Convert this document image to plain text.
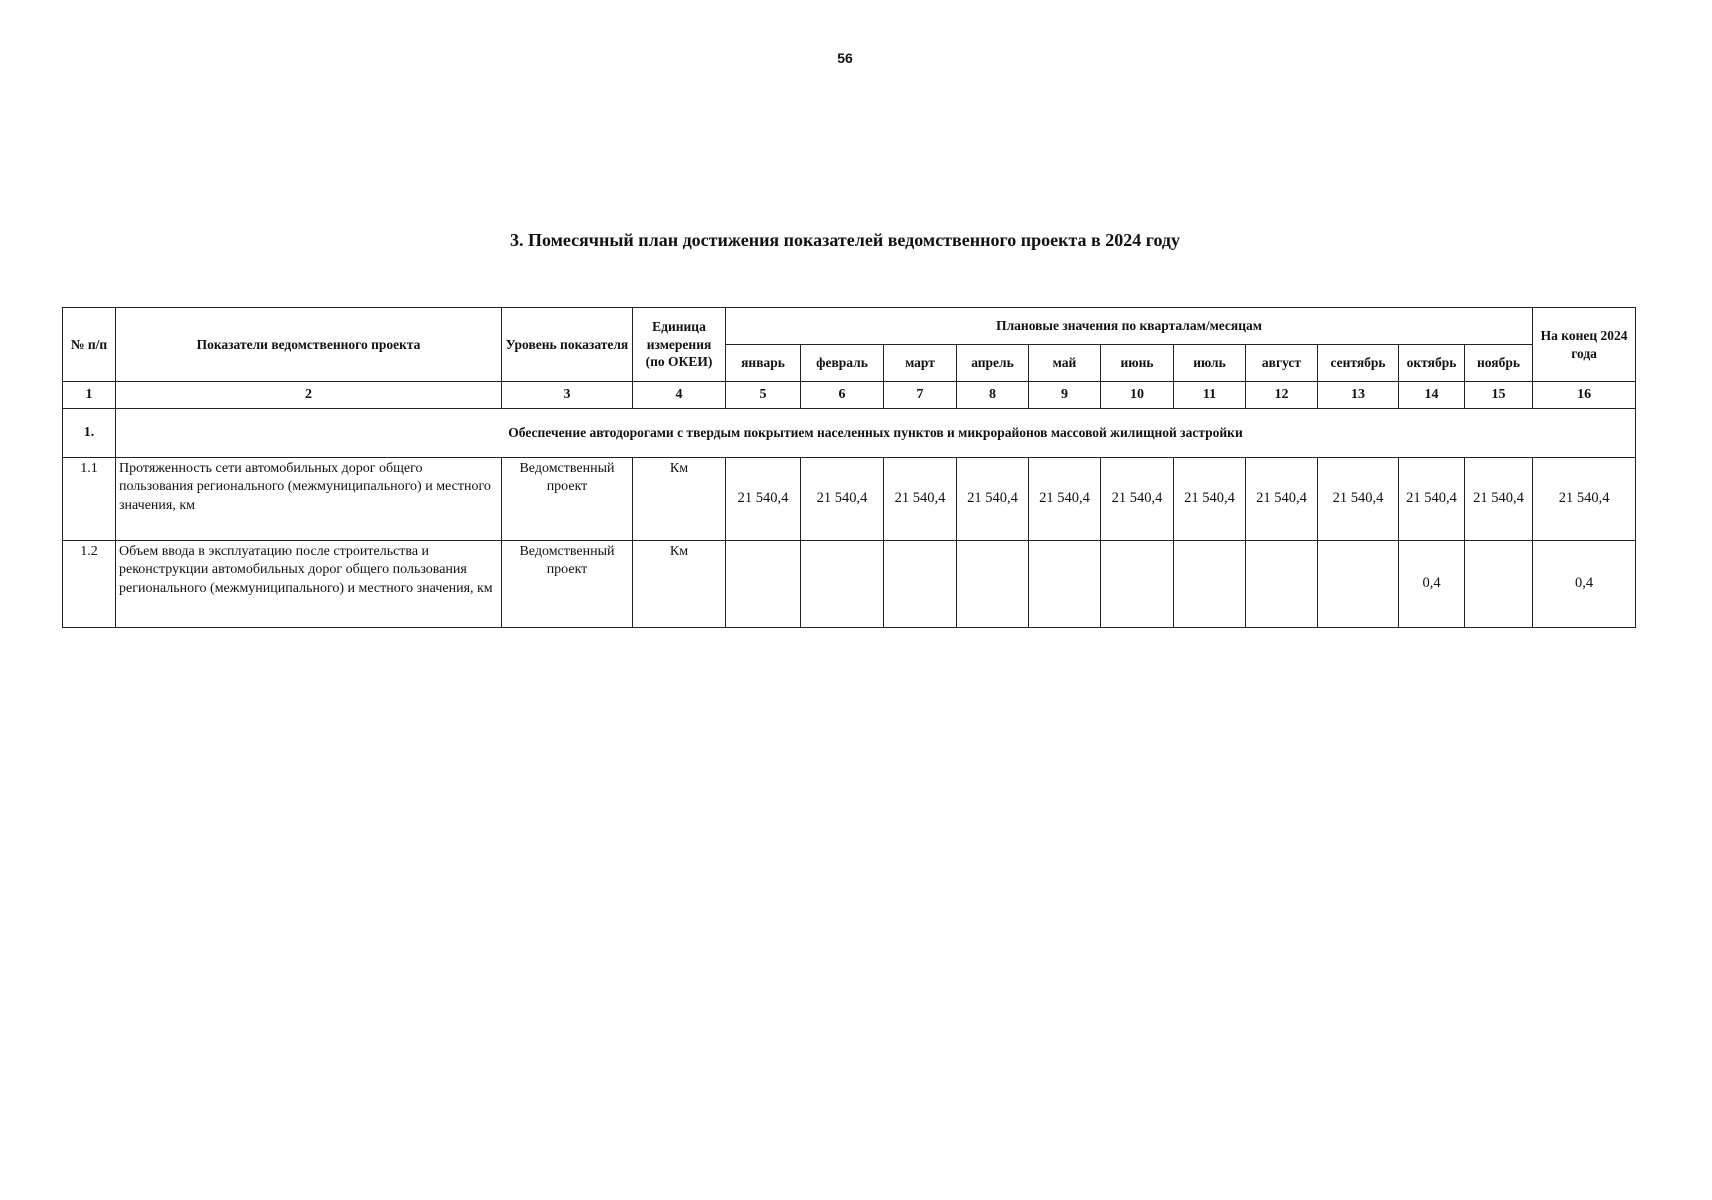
56
3. Помесячный план достижения показателей ведомственного проекта в 2024 году
№ п/п	Показатели ведомственного проекта	Уровень показателя	Единица измерения (по ОКЕИ)	Плановые значения по кварталам/месяцам											На конец 2024 года
				январь	февраль	март	апрель	май	июнь	июль	август	сентябрь	октябрь	ноябрь	
1	2	3	4	5	6	7	8	9	10	11	12	13	14	15	16
1.	Обеспечение автодорогами с твердым покрытием населенных пунктов и микрорайонов массовой жилищной застройки														
1.1	Протяженность сети автомобильных дорог общего пользования регионального (межмуниципального) и местного значения, км	Ведомственный проект	Км	21 540,4	21 540,4	21 540,4	21 540,4	21 540,4	21 540,4	21 540,4	21 540,4	21 540,4	21 540,4	21 540,4	21 540,4
1.2	Объем ввода в эксплуатацию после строительства и реконструкции автомобильных дорог общего пользования регионального (межмуниципального) и местного значения, км	Ведомственный проект	Км										0,4		0,4
